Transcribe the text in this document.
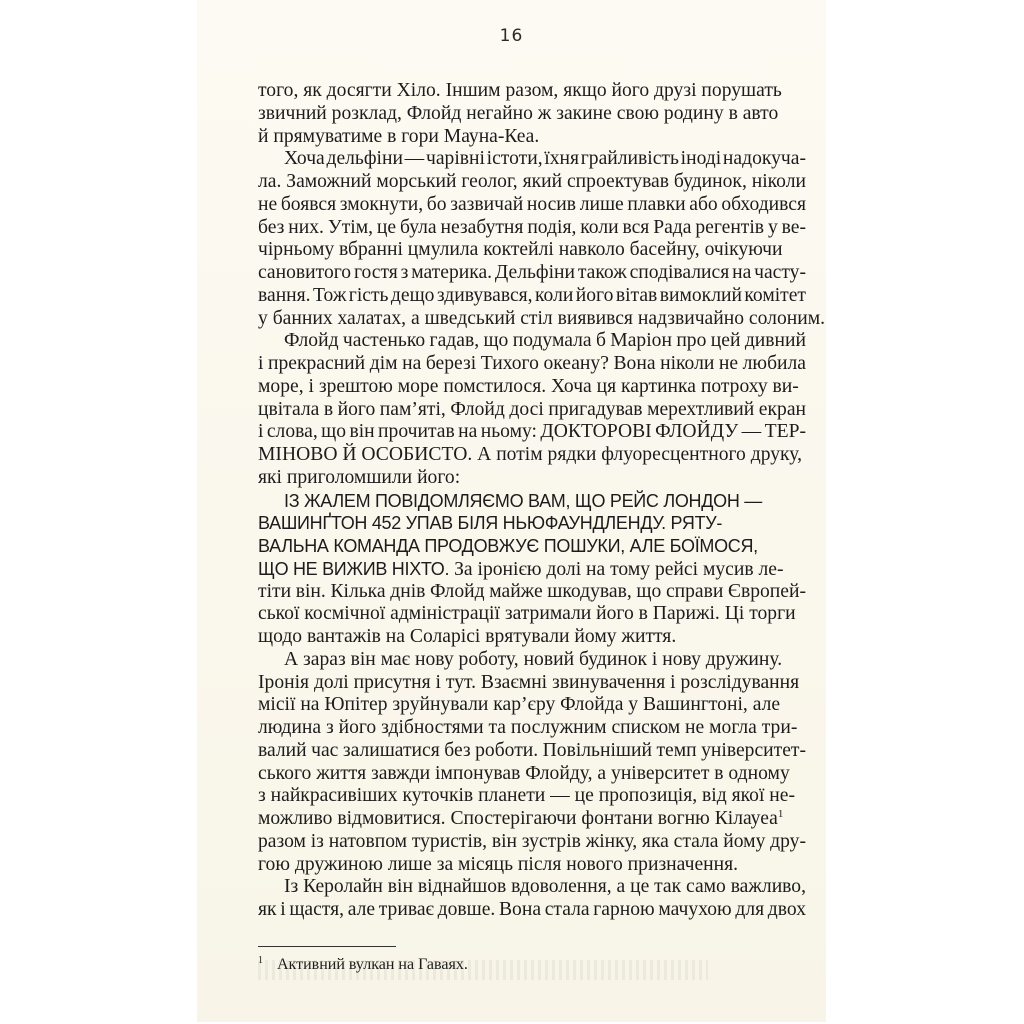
16
того, як досягти Хіло. Іншим разом, якщо його друзі порушать
звичний розклад, Флойд негайно ж закине свою родину в авто
й прямуватиме в гори Мауна-Кеа.
Хоча дельфіни — чарівні істоти, їхня грайливість іноді надокуча-
ла. Заможний морський геолог, який спроектував будинок, ніколи
не боявся змокнути, бо зазвичай носив лише плавки або обходився
без них. Утім, це була незабутня подія, коли вся Рада регентів у ве-
чірньому вбранні цмулила коктейлі навколо басейну, очікуючи
сановитого гостя з материка. Дельфіни також сподівалися на часту-
вання. Тож гість дещо здивувався, коли його вітав вимоклий комітет
у банних халатах, а шведський стіл виявився надзвичайно солоним.
Флойд частенько гадав, що подумала б Маріон про цей дивний
і прекрасний дім на березі Тихого океану? Вона ніколи не любила
море, і зрештою море помстилося. Хоча ця картинка потроху ви-
цвітала в його пам’яті, Флойд досі пригадував мерехтливий екран
і слова, що він прочитав на ньому: ДОКТОРОВІ ФЛОЙДУ — ТЕР-
МІНОВО Й ОСОБИСТО. А потім рядки флуоресцентного друку,
які приголомшили його:
ІЗ ЖАЛЕМ ПОВІДОМЛЯЄМО ВАМ, ЩО РЕЙС ЛОНДОН —
ВАШИНҐТОН 452 УПАВ БІЛЯ НЬЮФАУНДЛЕНДУ. РЯТУ-
ВАЛЬНА КОМАНДА ПРОДОВЖУЄ ПОШУКИ, АЛЕ БОЇМОСЯ,
ЩО НЕ ВИЖИВ НІХТО. За іронією долі на тому рейсі мусив ле-
тіти він. Кілька днів Флойд майже шкодував, що справи Європей-
ської космічної адміністрації затримали його в Парижі. Ці торги
щодо вантажів на Соларісі врятували йому життя.
А зараз він має нову роботу, новий будинок і нову дружину.
Іронія долі присутня і тут. Взаємні звинувачення і розслідування
місії на Юпітер зруйнували кар’єру Флойда у Вашингтоні, але
людина з його здібностями та послужним списком не могла три-
валий час залишатися без роботи. Повільніший темп університет-
ського життя завжди імпонував Флойду, а університет в одному
з найкрасивіших куточків планети — це пропозиція, від якої не-
можливо відмовитися. Спостерігаючи фонтани вогню Кілауеа$^1$
разом із натовпом туристів, він зустрів жінку, яка стала йому дру-
гою дружиною лише за місяць після нового призначення.
Із Керолайн він віднайшов вдоволення, а це так само важливо,
як і щастя, але триває довше. Вона стала гарною мачухою для двох
$^1$ Активний вулкан на Гаваях.
